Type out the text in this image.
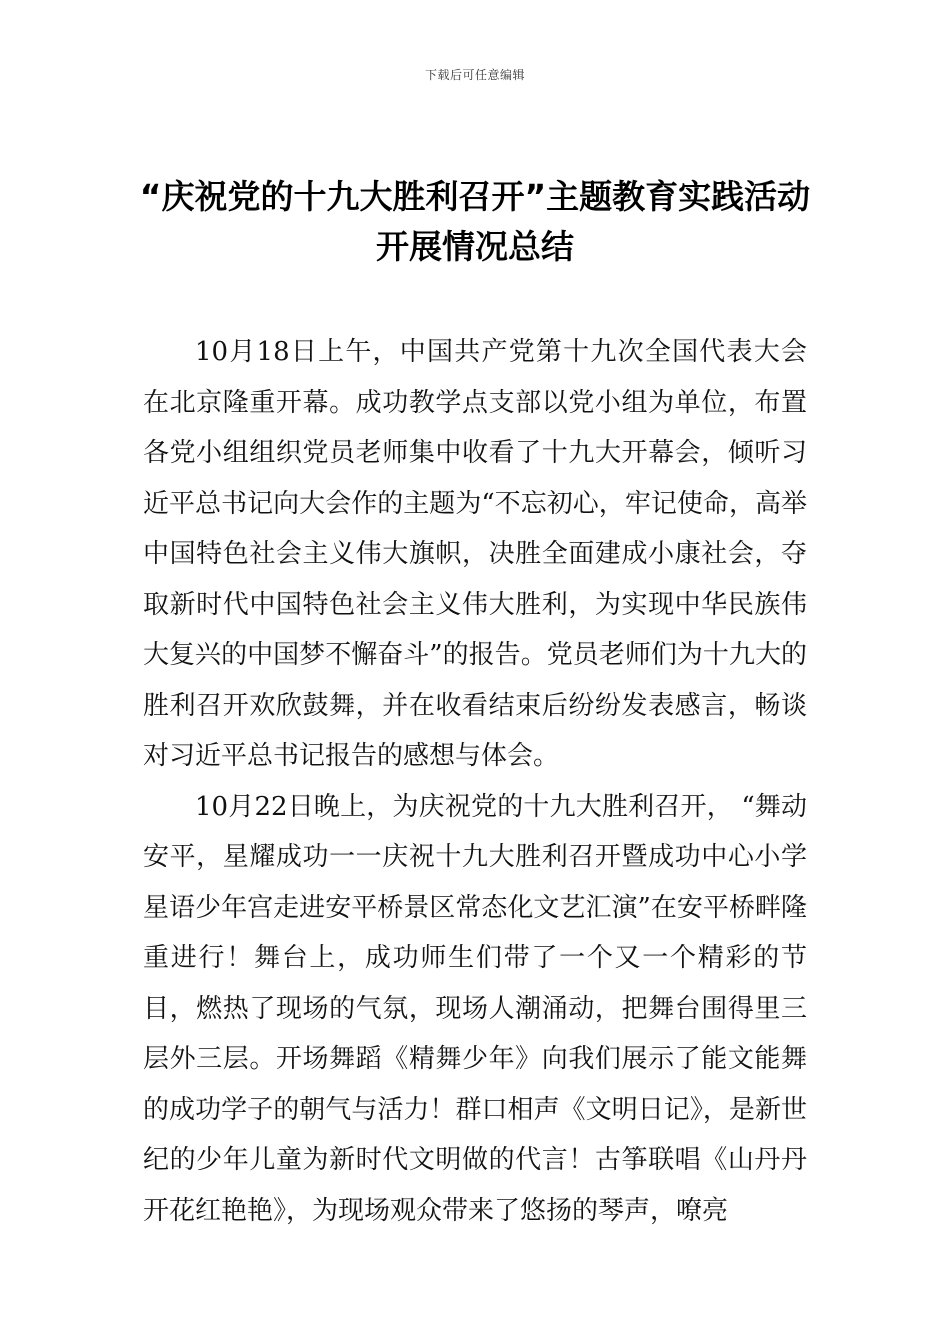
下载后可任意编辑
“庆祝党的十九大胜利召开”主题教育实践活动开展情况总结

10月18日上午，中国共产党第十九次全国代表大会在北京隆重开幕。成功教学点支部以党小组为单位，布置各党小组组织党员老师集中收看了十九大开幕会，倾听习近平总书记向大会作的主题为“不忘初心，牢记使命，高举中国特色社会主义伟大旗帜，决胜全面建成小康社会，夺取新时代中国特色社会主义伟大胜利，为实现中华民族伟大复兴的中国梦不懈奋斗”的报告。党员老师们为十九大的胜利召开欢欣鼓舞，并在收看结束后纷纷发表感言，畅谈对习近平总书记报告的感想与体会。

10月22日晚上，为庆祝党的十九大胜利召开， “舞动安平，星耀成功一一庆祝十九大胜利召开暨成功中心小学星语少年宫走进安平桥景区常态化文艺汇演”在安平桥畔隆重进行！舞台上，成功师生们带了一个又一个精彩的节目，燃热了现场的气氛，现场人潮涌动，把舞台围得里三层外三层。开场舞蹈《精舞少年》向我们展示了能文能舞的成功学子的朝气与活力！群口相声《文明日记》，是新世纪的少年儿童为新时代文明做的代言！古筝联唱《山丹丹开花红艳艳》，为现场观众带来了悠扬的琴声，嘹亮
